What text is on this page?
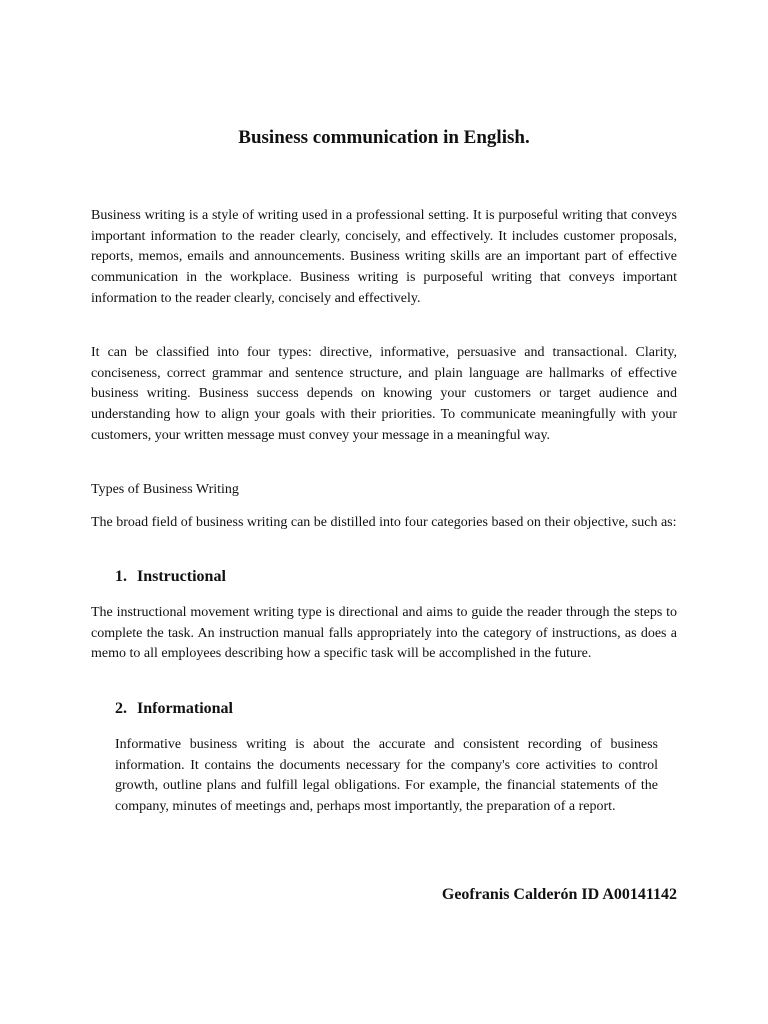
Business communication in English.

Business writing is a style of writing used in a professional setting. It is purposeful writing that conveys important information to the reader clearly, concisely, and effectively. It includes customer proposals, reports, memos, emails and announcements. Business writing skills are an important part of effective communication in the workplace. Business writing is purposeful writing that conveys important information to the reader clearly, concisely and effectively.

It can be classified into four types: directive, informative, persuasive and transactional. Clarity, conciseness, correct grammar and sentence structure, and plain language are hallmarks of effective business writing. Business success depends on knowing your customers or target audience and understanding how to align your goals with their priorities. To communicate meaningfully with your customers, your written message must convey your message in a meaningful way.

Types of Business Writing

The broad field of business writing can be distilled into four categories based on their objective, such as:

1. Instructional

The instructional movement writing type is directional and aims to guide the reader through the steps to complete the task. An instruction manual falls appropriately into the category of instructions, as does a memo to all employees describing how a specific task will be accomplished in the future.

2. Informational

Informative business writing is about the accurate and consistent recording of business information. It contains the documents necessary for the company's core activities to control growth, outline plans and fulfill legal obligations. For example, the financial statements of the company, minutes of meetings and, perhaps most importantly, the preparation of a report.

Geofranis Calderón ID A00141142
